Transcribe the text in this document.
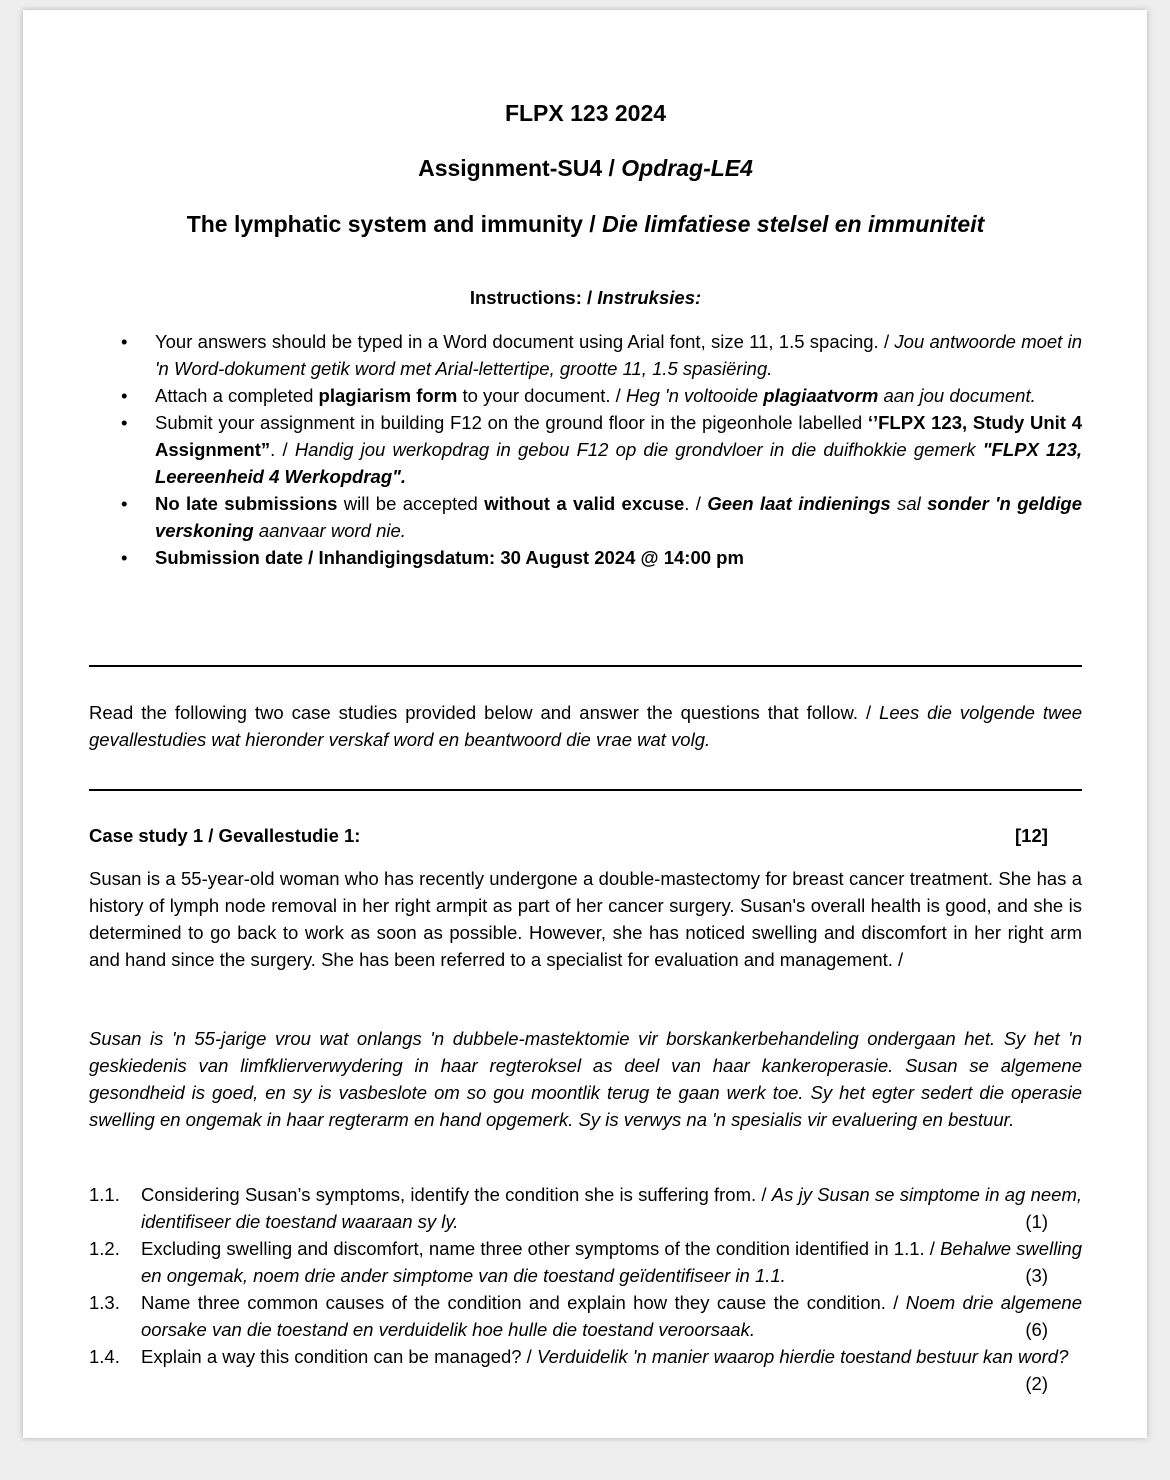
FLPX 123 2024
Assignment-SU4 / Opdrag-LE4
The lymphatic system and immunity / Die limfatiese stelsel en immuniteit
Instructions: / Instruksies:
• Your answers should be typed in a Word document using Arial font, size 11, 1.5 spacing. / Jou antwoorde moet in 'n Word-dokument getik word met Arial-lettertipe, grootte 11, 1.5 spasiëring.
• Attach a completed plagiarism form to your document. / Heg 'n voltooide plagiaatvorm aan jou document.
• Submit your assignment in building F12 on the ground floor in the pigeonhole labelled ‘’FLPX 123, Study Unit 4 Assignment”. / Handig jou werkopdrag in gebou F12 op die grondvloer in die duifhokkie gemerk "FLPX 123, Leereenheid 4 Werkopdrag".
• No late submissions will be accepted without a valid excuse. / Geen laat indienings sal sonder 'n geldige verskoning aanvaar word nie.
• Submission date / Inhandigingsdatum: 30 August 2024 @ 14:00 pm
Read the following two case studies provided below and answer the questions that follow. / Lees die volgende twee gevallestudies wat hieronder verskaf word en beantwoord die vrae wat volg.
Case study 1 / Gevallestudie 1:	[12]
Susan is a 55-year-old woman who has recently undergone a double-mastectomy for breast cancer treatment. She has a history of lymph node removal in her right armpit as part of her cancer surgery. Susan's overall health is good, and she is determined to go back to work as soon as possible. However, she has noticed swelling and discomfort in her right arm and hand since the surgery. She has been referred to a specialist for evaluation and management. /
Susan is 'n 55-jarige vrou wat onlangs 'n dubbele-mastektomie vir borskankerbehandeling ondergaan het. Sy het 'n geskiedenis van limfklierverwydering in haar regteroksel as deel van haar kankeroperasie. Susan se algemene gesondheid is goed, en sy is vasbeslote om so gou moontlik terug te gaan werk toe. Sy het egter sedert die operasie swelling en ongemak in haar regterarm en hand opgemerk. Sy is verwys na 'n spesialis vir evaluering en bestuur.
1.1. Considering Susan’s symptoms, identify the condition she is suffering from. / As jy Susan se simptome in ag neem, identifiseer die toestand waaraan sy ly.	(1)
1.2. Excluding swelling and discomfort, name three other symptoms of the condition identified in 1.1. / Behalwe swelling en ongemak, noem drie ander simptome van die toestand geïdentifiseer in 1.1.	(3)
1.3. Name three common causes of the condition and explain how they cause the condition. / Noem drie algemene oorsake van die toestand en verduidelik hoe hulle die toestand veroorsaak.	(6)
1.4. Explain a way this condition can be managed? / Verduidelik 'n manier waarop hierdie toestand bestuur kan word?
(2)
